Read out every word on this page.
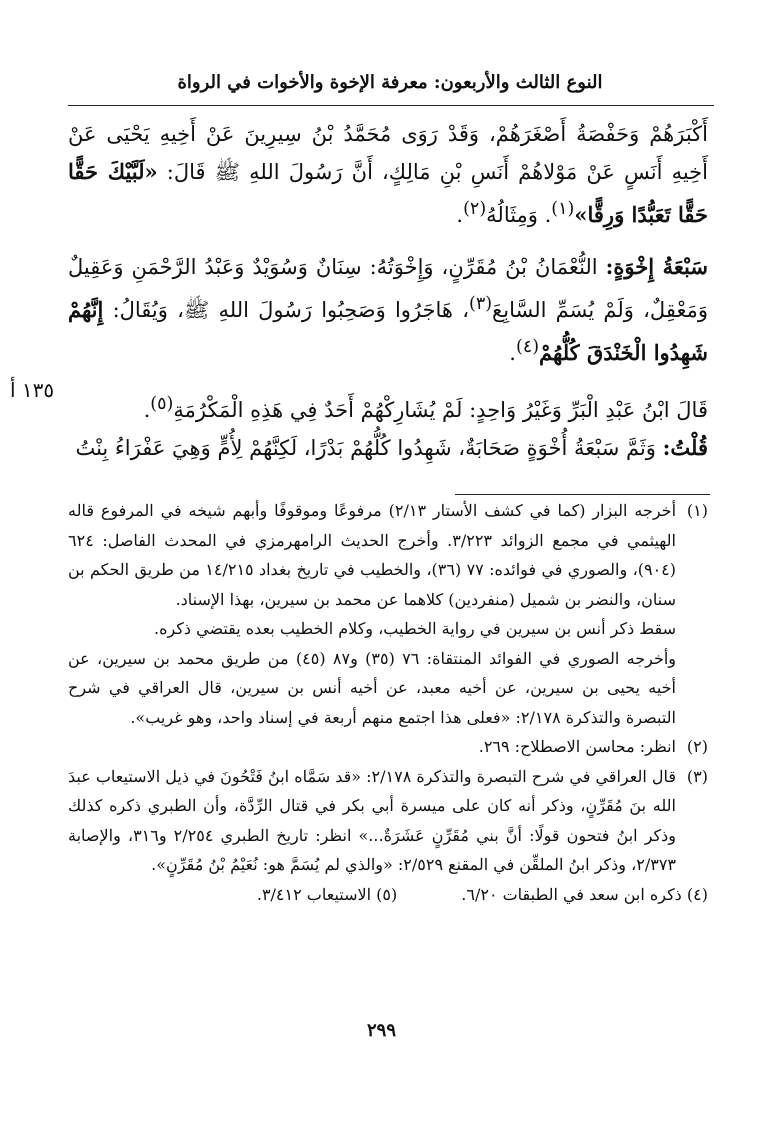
النوع الثالث والأربعون: معرفة الإخوة والأخوات في الرواة

أَكْبَرَهُمْ وَحَفْصَةُ أَصْغَرَهُمْ، وَقَدْ رَوَى مُحَمَّدُ بْنُ سِيرِينَ عَنْ أَخِيهِ يَحْيَى عَنْ أَخِيهِ أَنَسٍ عَنْ مَوْلاهُمْ أَنَسِ بْنِ مَالِكٍ، أَنَّ رَسُولَ اللهِ ﷺ قَالَ: «لَبَّيْكَ حَقًّا حَقًّا تَعَبُّدًا وَرِقًّا»$^{(١)}$. وَمِثَالُهُ$^{(٢)}$.

سَبْعَةُ إِخْوَةٍ: النُّعْمَانُ بْنُ مُقَرِّنٍ، وَإِخْوَتُهُ: سِنَانٌ وَسُوَيْدٌ وَعَبْدُ الرَّحْمَنِ وَعَقِيلٌ وَمَعْقِلٌ، وَلَمْ يُسَمِّ السَّابِعَ$^{(٣)}$، هَاجَرُوا وَصَحِبُوا رَسُولَ اللهِ ﷺ، وَيُقَالُ: إِنَّهُمْ شَهِدُوا الْخَنْدَقَ كُلُّهُمْ$^{(٤)}$.

قَالَ ابْنُ عَبْدِ الْبَرِّ وَغَيْرُ وَاحِدٍ: لَمْ يُشَارِكْهُمْ أَحَدٌ فِي هَذِهِ الْمَكْرُمَةِ$^{(٥)}$.

قُلْتُ: وَثَمَّ سَبْعَةُ أُخْوَةٍ صَحَابَةٌ، شَهِدُوا كُلُّهُمْ بَدْرًا، لَكِنَّهُمْ لِأُمٍّ وَهِيَ عَفْرَاءُ بِنْتُ

١٣٥ أ
(١)
أخرجه البزار (كما في كشف الأستار ٢/١٣) مرفوعًا وموقوفًا وأبهم شيخه في المرفوع قاله الهيثمي في مجمع الزوائد ٣/٢٢٣. وأخرج الحديث الرامهرمزي في المحدث الفاصل: ٦٢٤ (٩٠٤)، والصوري في فوائده: ٧٧ (٣٦)، والخطيب في تاريخ بغداد ١٤/٢١٥ من طريق الحكم بن سنان، والنضر بن شميل (منفردين) كلاهما عن محمد بن سيرين، بهذا الإسناد.
سقط ذكر أنس بن سيرين في رواية الخطيب، وكلام الخطيب بعده يقتضي ذكره.
وأخرجه الصوري في الفوائد المنتقاة: ٧٦ (٣٥) و٨٧ (٤٥) من طريق محمد بن سيرين، عن أخيه يحيى بن سيرين، عن أخيه معبد، عن أخيه أنس بن سيرين، قال العراقي في شرح التبصرة والتذكرة ٢/١٧٨: «فعلى هذا اجتمع منهم أربعة في إسناد واحد، وهو غريب».
(٢)
انظر: محاسن الاصطلاح: ٢٦٩.
(٣)
قال العراقي في شرح التبصرة والتذكرة ٢/١٧٨: «قد سَمَّاه ابنُ فَتْحُونَ في ذيل الاستيعاب عبدَ الله بنَ مُقَرِّنٍ، وذكر أنه كان على ميسرة أبي بكر في قتال الرِّدَّة، وأن الطبري ذكره كذلك وذكر ابنُ فتحون قولًا: أنَّ بني مُقَرِّنٍ عَشَرَةٌ...» انظر: تاريخ الطبري ٢/٢٥٤ و٣١٦، والإصابة ٢/٣٧٣، وذكر ابنُ الملقِّن في المقنع ٢/٥٢٩: «والذي لم يُسَمَّ هو: نُعَيْمُ بْنُ مُقَرِّنٍ».
(٤) ذكره ابن سعد في الطبقات ٦/٢٠.
(٥) الاستيعاب ٣/٤١٢.
٢٩٩
